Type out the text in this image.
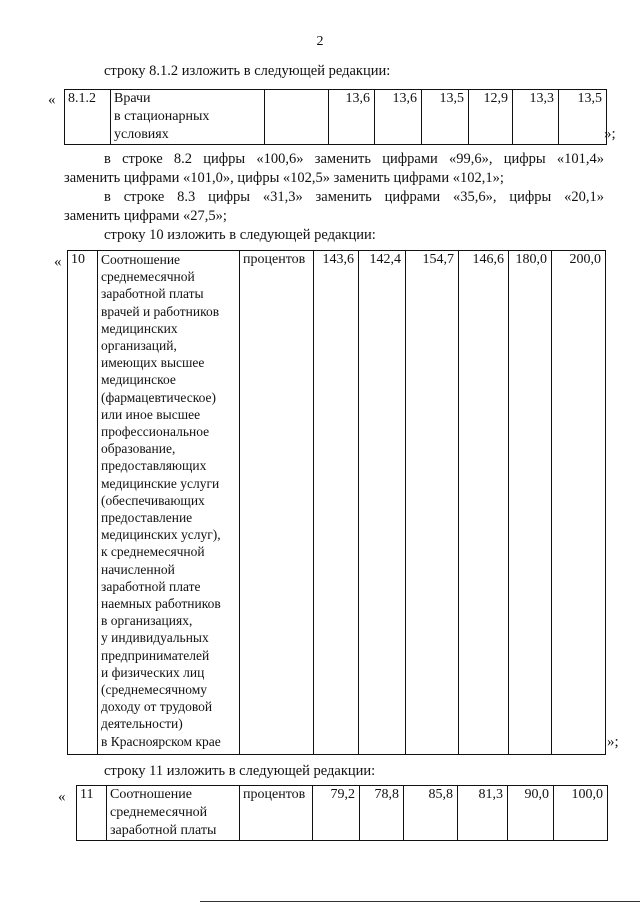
2
строку 8.1.2 изложить в следующей редакции:
« 8.1.2	Врачи
в стационарных
условиях		13,6	13,6	13,5	12,9	13,3	13,5
»;
в строке 8.2 цифры «100,6» заменить цифрами «99,6», цифры «101,4»
заменить цифрами «101,0», цифры «102,5» заменить цифрами «102,1»;
в строке 8.3 цифры «31,3» заменить цифрами «35,6», цифры «20,1»
заменить цифрами «27,5»;
строку 10 изложить в следующей редакции:
« 10	Соотношение
среднемесячной
заработной платы
врачей и работников
медицинских
организаций,
имеющих высшее
медицинское
(фармацевтическое)
или иное высшее
профессиональное
образование,
предоставляющих
медицинские услуги
(обеспечивающих
предоставление
медицинских услуг),
к среднемесячной
начисленной
заработной плате
наемных работников
в организациях,
у индивидуальных
предпринимателей
и физических лиц
(среднемесячному
доходу от трудовой
деятельности)
в Красноярском крае	процентов	143,6	142,4	154,7	146,6	180,0	200,0
»;
строку 11 изложить в следующей редакции:
« 11	Соотношение
среднемесячной
заработной платы	процентов	79,2	78,8	85,8	81,3	90,0	100,0
